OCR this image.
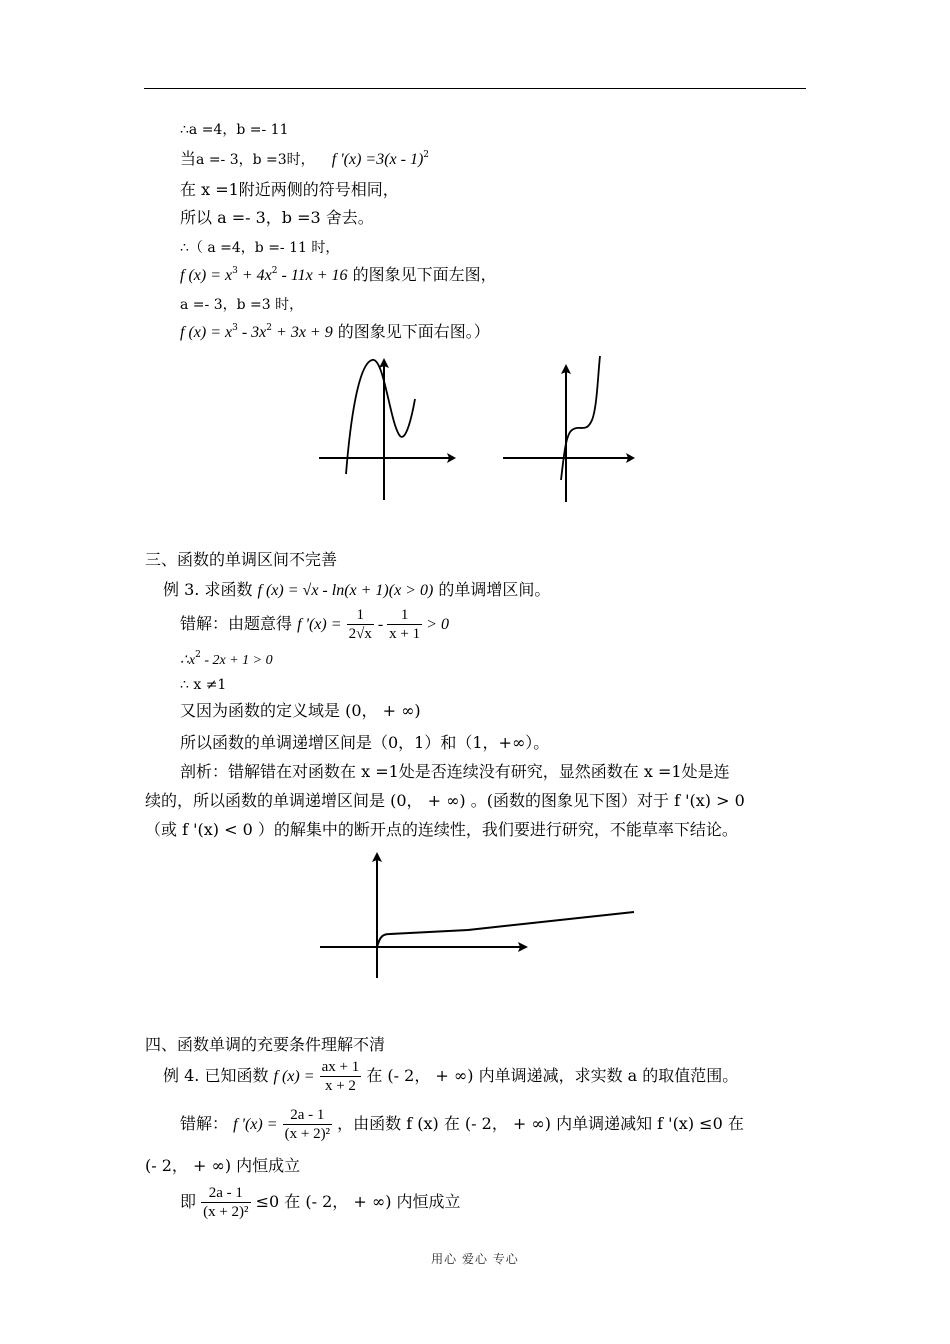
∴a =4，b =- 11
当a =- 3，b =3时， f '(x) =3(x - 1)$^2$
在 x =1附近两侧的符号相同，
所以 a =- 3，b =3 舍去。
∴（ a =4，b =- 11 时，
f $(x) = x^3 + 4x^2 - 11x + 16$ 的图象见下面左图，
a =- 3，b =3 时，
f $(x) = x^3 - 3x^2 + 3x + 9$ 的图象见下面右图。）
三、函数的单调区间不完善
例 3. 求函数 f (x) = √x - ln(x + 1)(x > 0) 的单调增区间。
错解：由题意得 f '$(x) = \frac{1}{2√x} - \frac{1}{x + 1} > 0$
$\therefore x^2 - 2x + 1 > 0$
∴ x ≠1
又因为函数的定义域是 (0， + ∞)
所以函数的单调递增区间是（0，1）和（1，+∞）。
剖析：错解错在对函数在 x =1处是否连续没有研究，显然函数在 x =1处是连
续的，所以函数的单调递增区间是 (0， + ∞) 。(函数的图象见下图）对于 f '(x) > 0
（或 f '(x) < 0 ）的解集中的断开点的连续性，我们要进行研究，不能草率下结论。
四、函数单调的充要条件理解不清
例 4. 已知函数 f $(x) = \frac{ax + 1}{x + 2}$ 在 (- 2， + ∞) 内单调递减，求实数 a 的取值范围。
错解： f '$(x) = \frac{2a - 1}{\text{(x + 2)²}}$ ，由函数 f (x) 在 (- 2， + ∞) 内单调递减知 f '(x) ≤0 在
(- 2， + ∞) 内恒成立
即 $\frac{2a - 1}{\text{(x + 2)²}} \le 0$ 在 (- 2， + ∞) 内恒成立
用心 爱心 专心
